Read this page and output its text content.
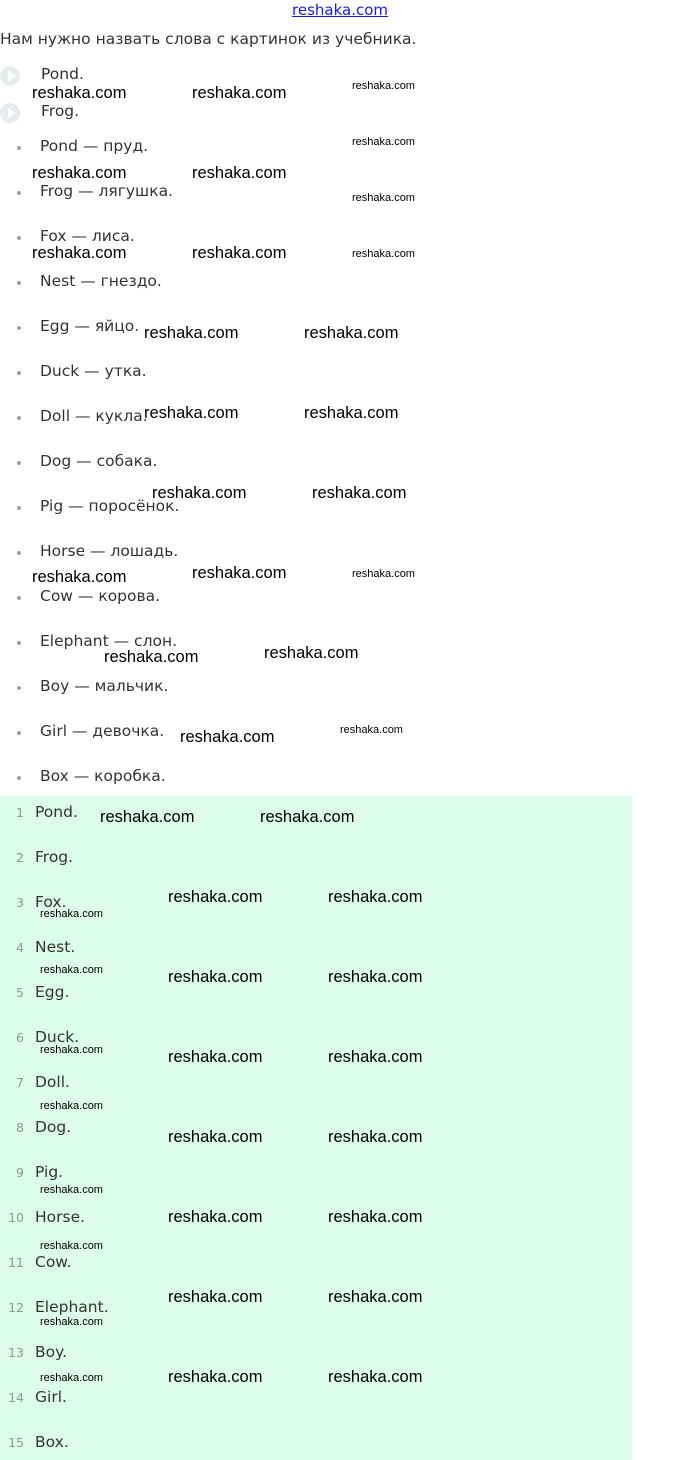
reshaka.com
Нам нужно назвать слова с картинок из учебника.
Pond.
Frog.
Pond — пруд.
Frog — лягушка.
Fox — лиса.
Nest — гнездо.
Egg — яйцо.
Duck — утка.
Doll — кукла.
Dog — собака.
Pig — поросёнок.
Horse — лошадь.
Cow — корова.
Elephant — слон.
Boy — мальчик.
Girl — девочка.
Box — коробка.
1 Pond.
2 Frog.
3 Fox.
4 Nest.
5 Egg.
6 Duck.
7 Doll.
8 Dog.
9 Pig.
10 Horse.
11 Cow.
12 Elephant.
13 Boy.
14 Girl.
15 Box.
reshaka.com	reshaka.com	reshaka.com
reshaka.com
reshaka.com	reshaka.com
reshaka.com
reshaka.com	reshaka.com	reshaka.com
reshaka.com	reshaka.com
reshaka.com	reshaka.com
reshaka.com	reshaka.com
reshaka.com	reshaka.com	reshaka.com
reshaka.com	reshaka.com
reshaka.com	reshaka.com
reshaka.com	reshaka.com
reshaka.com	reshaka.com
reshaka.com
reshaka.com	reshaka.com	reshaka.com
reshaka.com	reshaka.com	reshaka.com
reshaka.com
reshaka.com	reshaka.com
reshaka.com
reshaka.com	reshaka.com
reshaka.com
reshaka.com	reshaka.com
reshaka.com
reshaka.com	reshaka.com	reshaka.com
